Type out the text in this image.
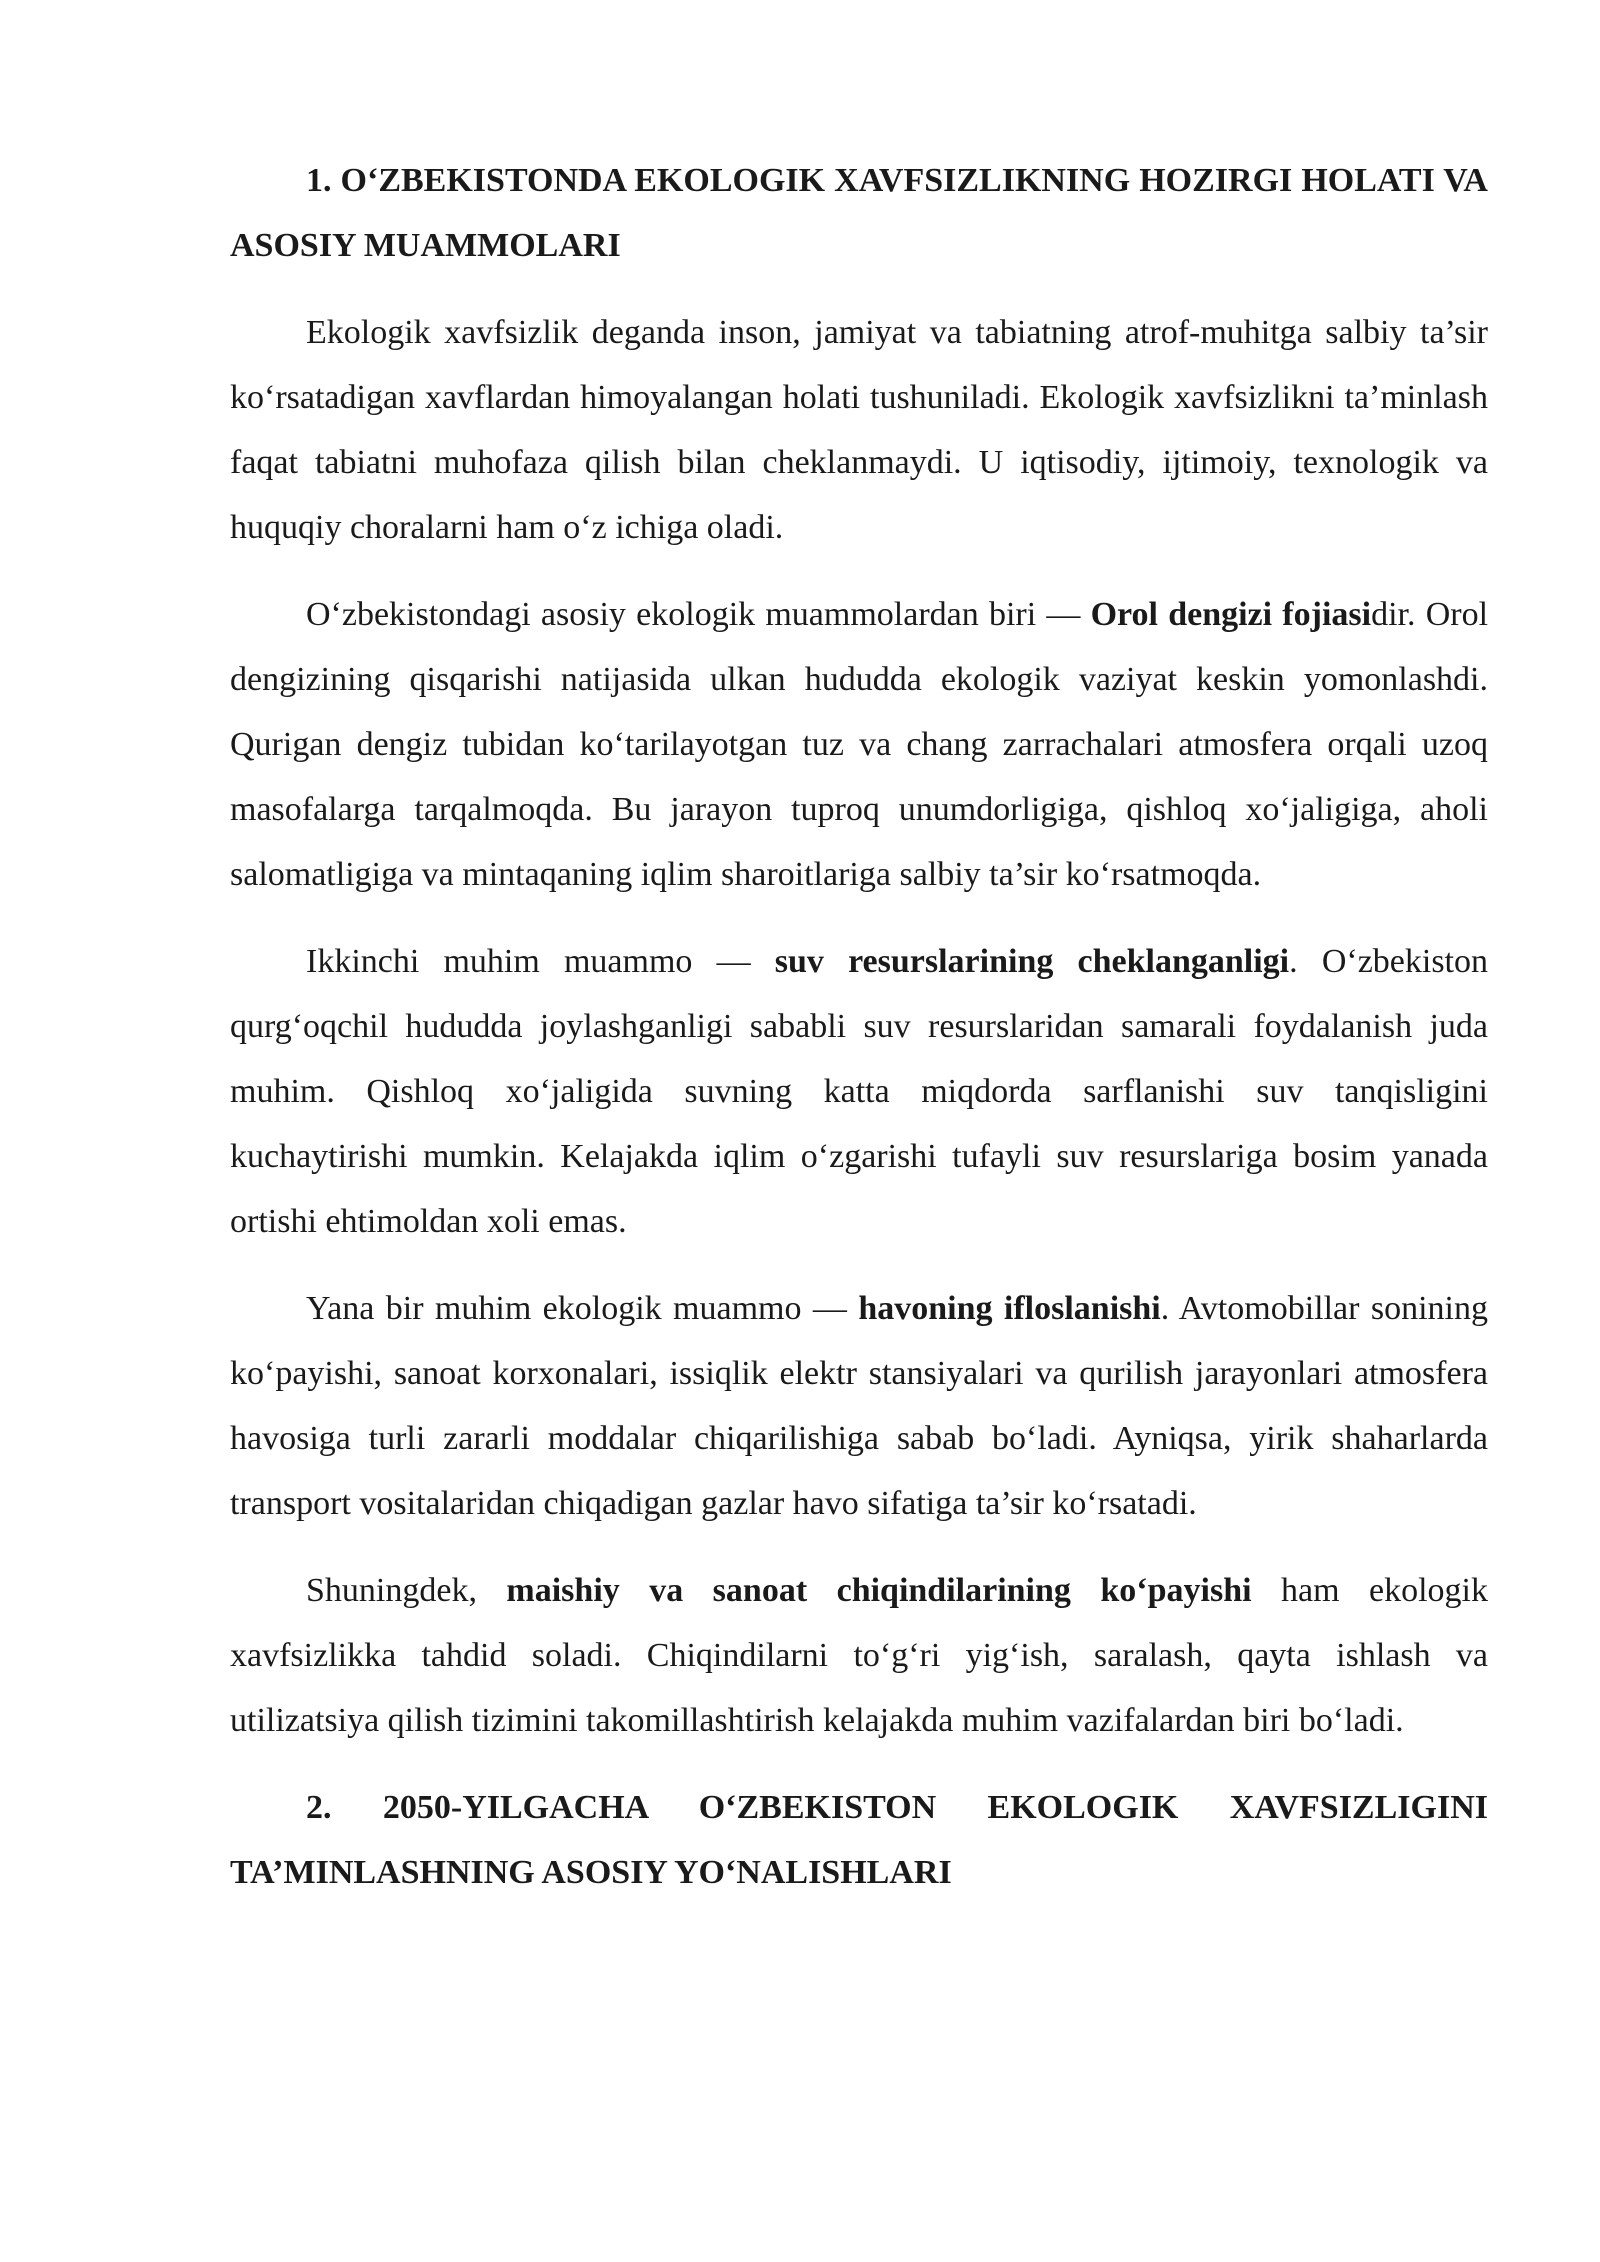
1. O‘ZBEKISTONDA EKOLOGIK XAVFSIZLIKNING HOZIRGI HOLATI VA ASOSIY MUAMMOLARI

Ekologik xavfsizlik deganda inson, jamiyat va tabiatning atrof-muhitga salbiy ta’sir ko‘rsatadigan xavflardan himoyalangan holati tushuniladi. Ekologik xavfsizlikni ta’minlash faqat tabiatni muhofaza qilish bilan cheklanmaydi. U iqtisodiy, ijtimoiy, texnologik va huquqiy choralarni ham o‘z ichiga oladi.

O‘zbekistondagi asosiy ekologik muammolardan biri — Orol dengizi fojiasidir. Orol dengizining qisqarishi natijasida ulkan hududda ekologik vaziyat keskin yomonlashdi. Qurigan dengiz tubidan ko‘tarilayotgan tuz va chang zarrachalari atmosfera orqali uzoq masofalarga tarqalmoqda. Bu jarayon tuproq unumdorligiga, qishloq xo‘jaligiga, aholi salomatligiga va mintaqaning iqlim sharoitlariga salbiy ta’sir ko‘rsatmoqda.

Ikkinchi muhim muammo — suv resurslarining cheklanganligi. O‘zbekiston qurg‘oqchil hududda joylashganligi sababli suv resurslaridan samarali foydalanish juda muhim. Qishloq xo‘jaligida suvning katta miqdorda sarflanishi suv tanqisligini kuchaytirishi mumkin. Kelajakda iqlim o‘zgarishi tufayli suv resurslariga bosim yanada ortishi ehtimoldan xoli emas.

Yana bir muhim ekologik muammo — havoning ifloslanishi. Avtomobillar sonining ko‘payishi, sanoat korxonalari, issiqlik elektr stansiyalari va qurilish jarayonlari atmosfera havosiga turli zararli moddalar chiqarilishiga sabab bo‘ladi. Ayniqsa, yirik shaharlarda transport vositalaridan chiqadigan gazlar havo sifatiga ta’sir ko‘rsatadi.

Shuningdek, maishiy va sanoat chiqindilarining ko‘payishi ham ekologik xavfsizlikka tahdid soladi. Chiqindilarni to‘g‘ri yig‘ish, saralash, qayta ishlash va utilizatsiya qilish tizimini takomillashtirish kelajakda muhim vazifalardan biri bo‘ladi.

2. 2050-YILGACHA O‘ZBEKISTON EKOLOGIK XAVFSIZLIGINI TA’MINLASHNING ASOSIY YO‘NALISHLARI
